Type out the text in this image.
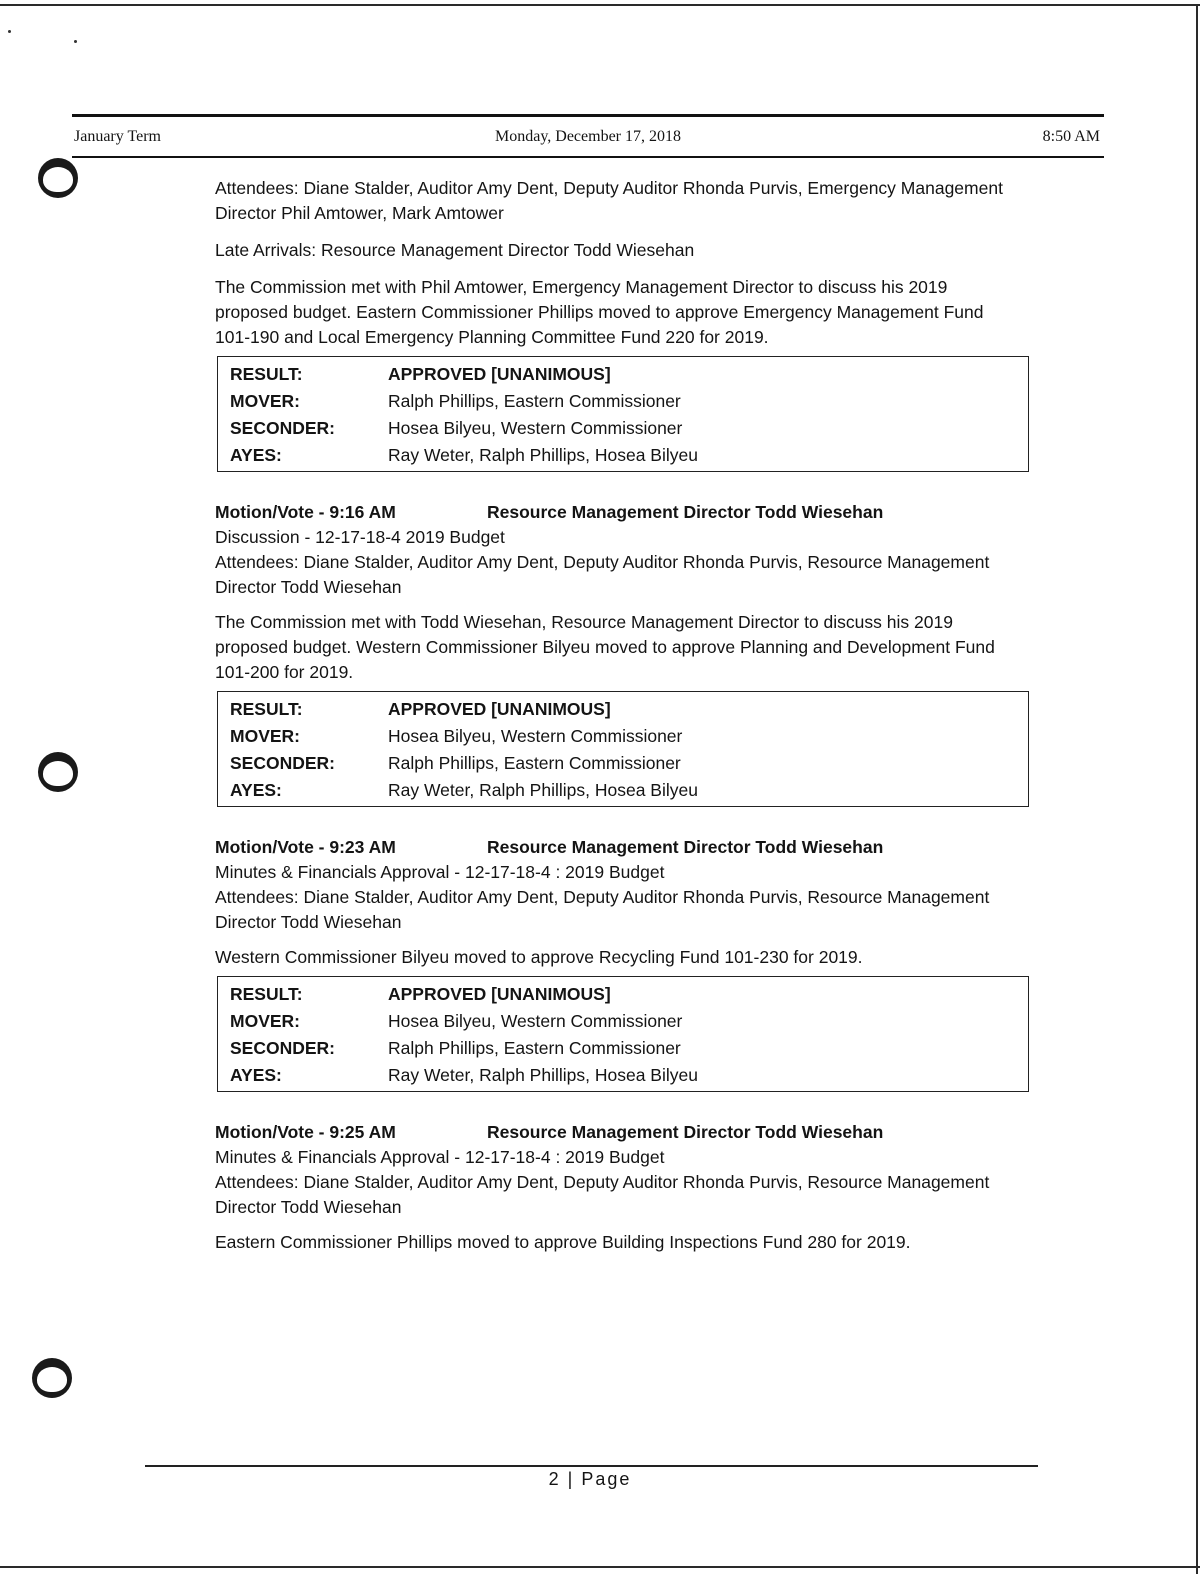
January Term	Monday, December 17, 2018	8:50 AM

Attendees: Diane Stalder, Auditor Amy Dent, Deputy Auditor Rhonda Purvis, Emergency Management Director Phil Amtower, Mark Amtower

Late Arrivals: Resource Management Director Todd Wiesehan

The Commission met with Phil Amtower, Emergency Management Director to discuss his 2019 proposed budget. Eastern Commissioner Phillips moved to approve Emergency Management Fund 101-190 and Local Emergency Planning Committee Fund 220 for 2019.

RESULT:	APPROVED [UNANIMOUS]
MOVER:	Ralph Phillips, Eastern Commissioner
SECONDER:	Hosea Bilyeu, Western Commissioner
AYES:	Ray Weter, Ralph Phillips, Hosea Bilyeu
Motion/Vote - 9:16 AM	Resource Management Director Todd Wiesehan

Discussion - 12-17-18-4 2019 Budget

Attendees: Diane Stalder, Auditor Amy Dent, Deputy Auditor Rhonda Purvis, Resource Management Director Todd Wiesehan

The Commission met with Todd Wiesehan, Resource Management Director to discuss his 2019 proposed budget. Western Commissioner Bilyeu moved to approve Planning and Development Fund 101-200 for 2019.

RESULT:	APPROVED [UNANIMOUS]
MOVER:	Hosea Bilyeu, Western Commissioner
SECONDER:	Ralph Phillips, Eastern Commissioner
AYES:	Ray Weter, Ralph Phillips, Hosea Bilyeu
Motion/Vote - 9:23 AM	Resource Management Director Todd Wiesehan

Minutes & Financials Approval - 12-17-18-4 : 2019 Budget

Attendees: Diane Stalder, Auditor Amy Dent, Deputy Auditor Rhonda Purvis, Resource Management Director Todd Wiesehan

Western Commissioner Bilyeu moved to approve Recycling Fund 101-230 for 2019.

RESULT:	APPROVED [UNANIMOUS]
MOVER:	Hosea Bilyeu, Western Commissioner
SECONDER:	Ralph Phillips, Eastern Commissioner
AYES:	Ray Weter, Ralph Phillips, Hosea Bilyeu
Motion/Vote - 9:25 AM	Resource Management Director Todd Wiesehan

Minutes & Financials Approval - 12-17-18-4 : 2019 Budget

Attendees: Diane Stalder, Auditor Amy Dent, Deputy Auditor Rhonda Purvis, Resource Management Director Todd Wiesehan

Eastern Commissioner Phillips moved to approve Building Inspections Fund 280 for 2019.

2 | Page
